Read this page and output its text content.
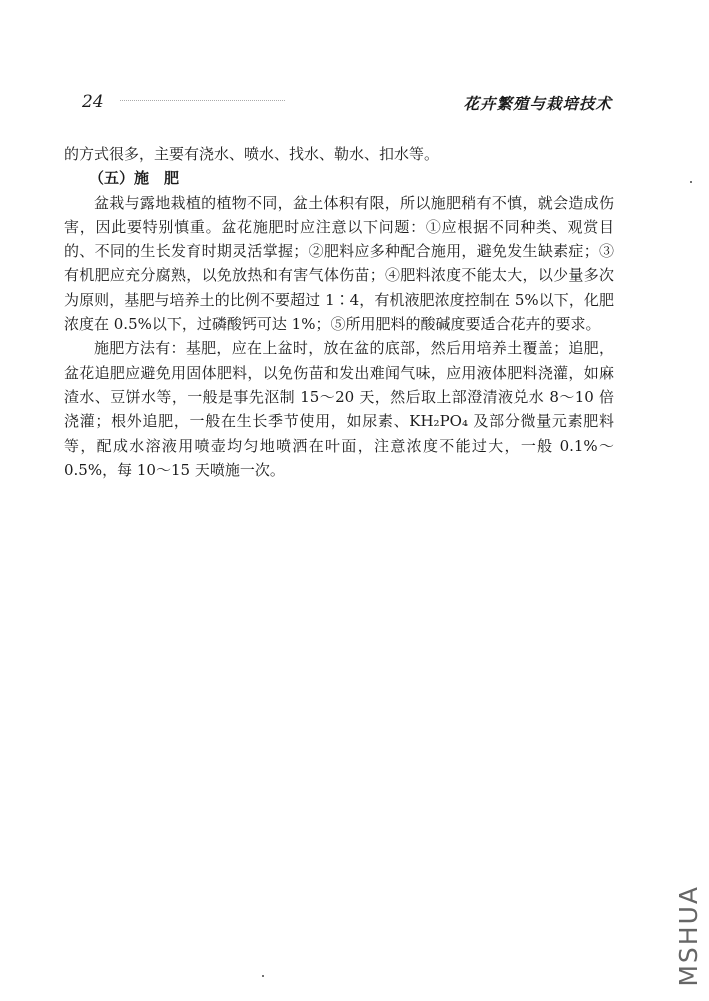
24	花卉繁殖与栽培技术

的方式很多，主要有浇水、喷水、找水、勒水、扣水等。

（五）施　肥

盆栽与露地栽植的植物不同，盆土体积有限，所以施肥稍有不慎，就会造成伤害，因此要特别慎重。盆花施肥时应注意以下问题：①应根据不同种类、观赏目的、不同的生长发育时期灵活掌握；②肥料应多种配合施用，避免发生缺素症；③有机肥应充分腐熟，以免放热和有害气体伤苗；④肥料浓度不能太大，以少量多次为原则，基肥与培养土的比例不要超过 1∶4，有机液肥浓度控制在 5%以下，化肥浓度在 0.5%以下，过磷酸钙可达 1%；⑤所用肥料的酸碱度要适合花卉的要求。

施肥方法有：基肥，应在上盆时，放在盆的底部，然后用培养土覆盖；追肥，盆花追肥应避免用固体肥料，以免伤苗和发出难闻气味，应用液体肥料浇灌，如麻渣水、豆饼水等，一般是事先沤制 15～20 天，然后取上部澄清液兑水 8～10 倍浇灌；根外追肥，一般在生长季节使用，如尿素、KH₂PO₄ 及部分微量元素肥料等，配成水溶液用喷壶均匀地喷洒在叶面，注意浓度不能过大，一般 0.1%～0.5%，每 10～15 天喷施一次。

MSHUA
